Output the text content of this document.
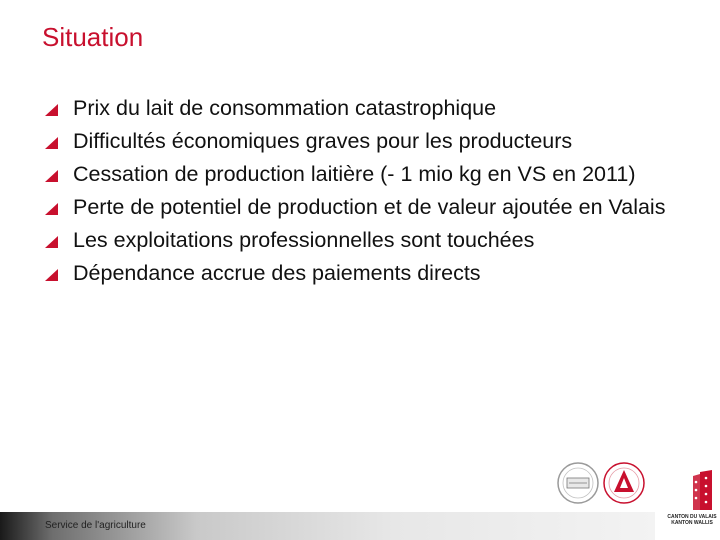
Situation
Prix du lait de consommation catastrophique
Difficultés économiques graves pour les producteurs
Cessation de production laitière (- 1 mio kg en VS en 2011)
Perte de potentiel de production et de valeur ajoutée en Valais
Les exploitations professionnelles sont touchées
Dépendance accrue des paiements directs
Service de l'agriculture
CANTON DU VALAIS
KANTON WALLIS
